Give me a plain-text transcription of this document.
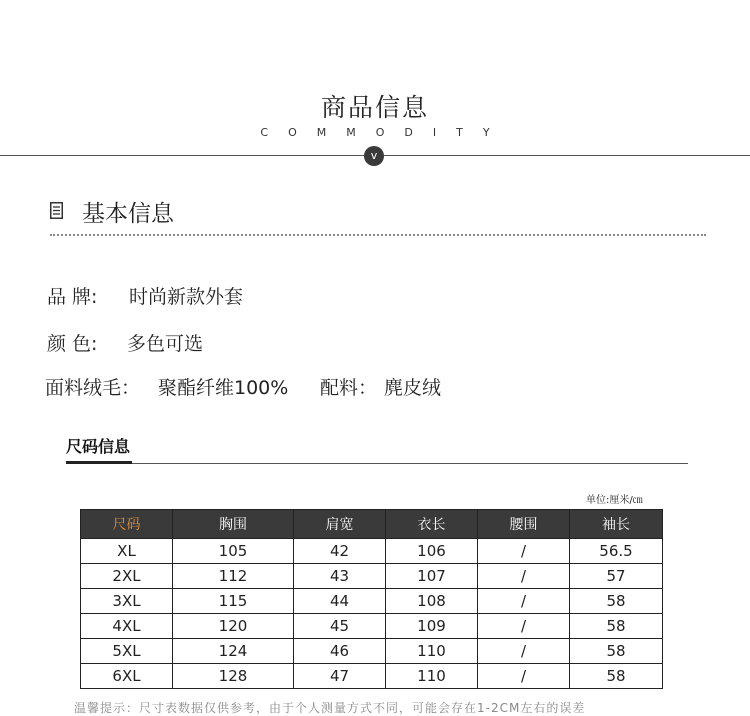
商品信息
COMMODITY
v
基本信息
品 牌: 时尚新款外套
颜 色: 多色可选
面料绒毛： 聚酯纤维100% 配料： 麂皮绒
尺码信息
单位:厘米/㎝
尺码	胸围	肩宽	衣长	腰围	袖长
XL	105	42	106	/	56.5
2XL	112	43	107	/	57
3XL	115	44	108	/	58
4XL	120	45	109	/	58
5XL	124	46	110	/	58
6XL	128	47	110	/	58
温馨提示：尺寸表数据仅供参考，由于个人测量方式不同，可能会存在1-2CM左右的误差
